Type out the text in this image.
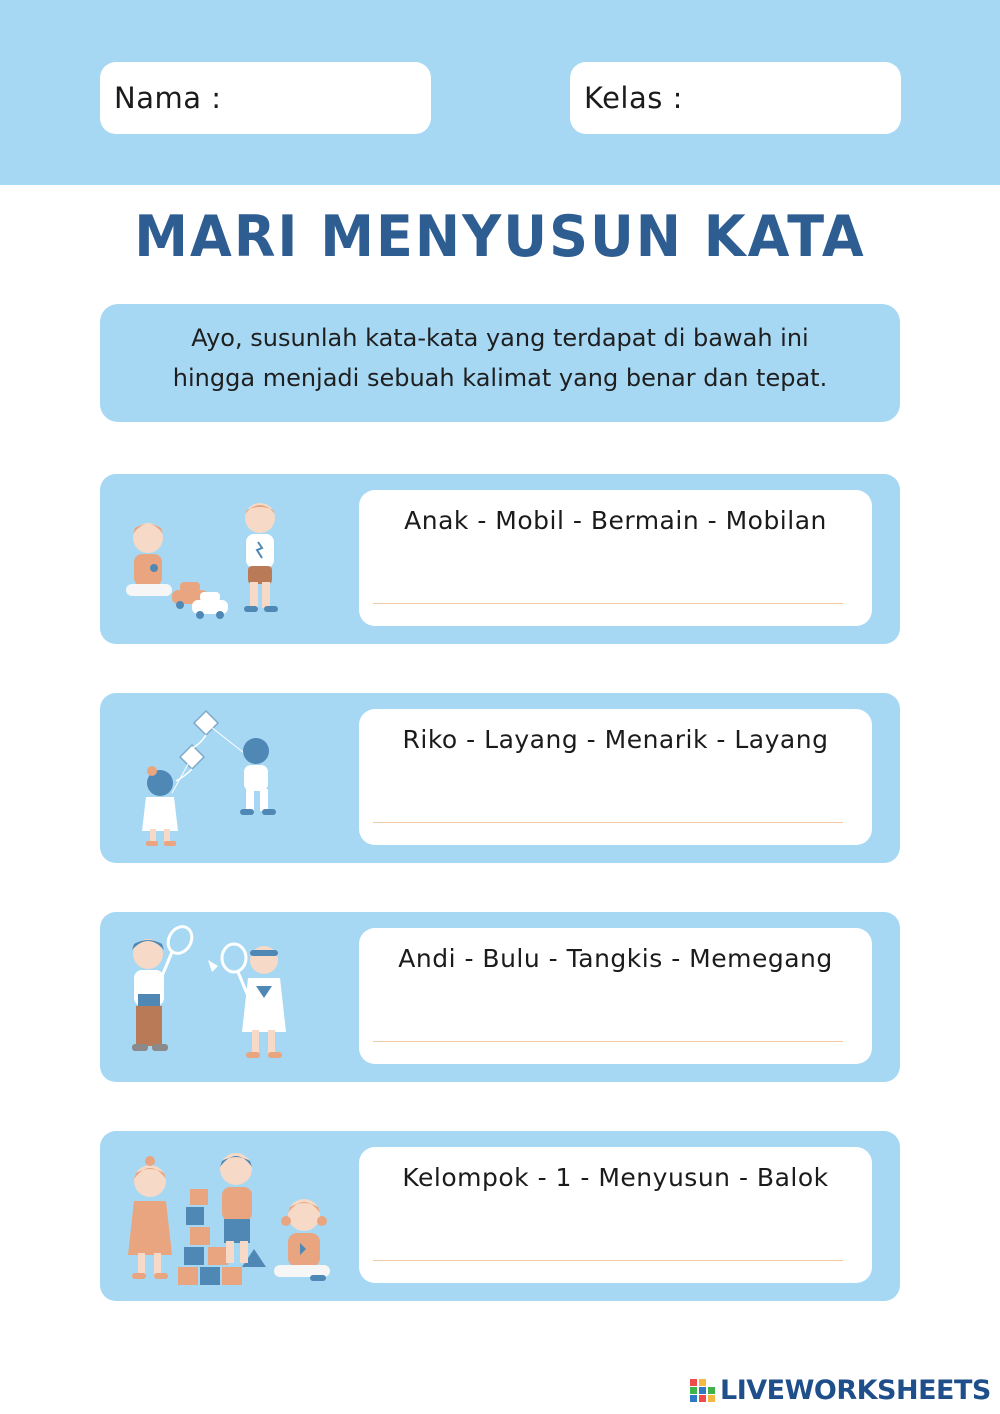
Nama :	Kelas :
MARI MENYUSUN KATA
Ayo, susunlah kata-kata yang terdapat di bawah ini
hingga menjadi sebuah kalimat yang benar dan tepat.
Anak - Mobil - Bermain - Mobilan
Riko - Layang - Menarik - Layang
Andi - Bulu - Tangkis - Memegang
Kelompok - 1 - Menyusun - Balok
LIVEWORKSHEETS
